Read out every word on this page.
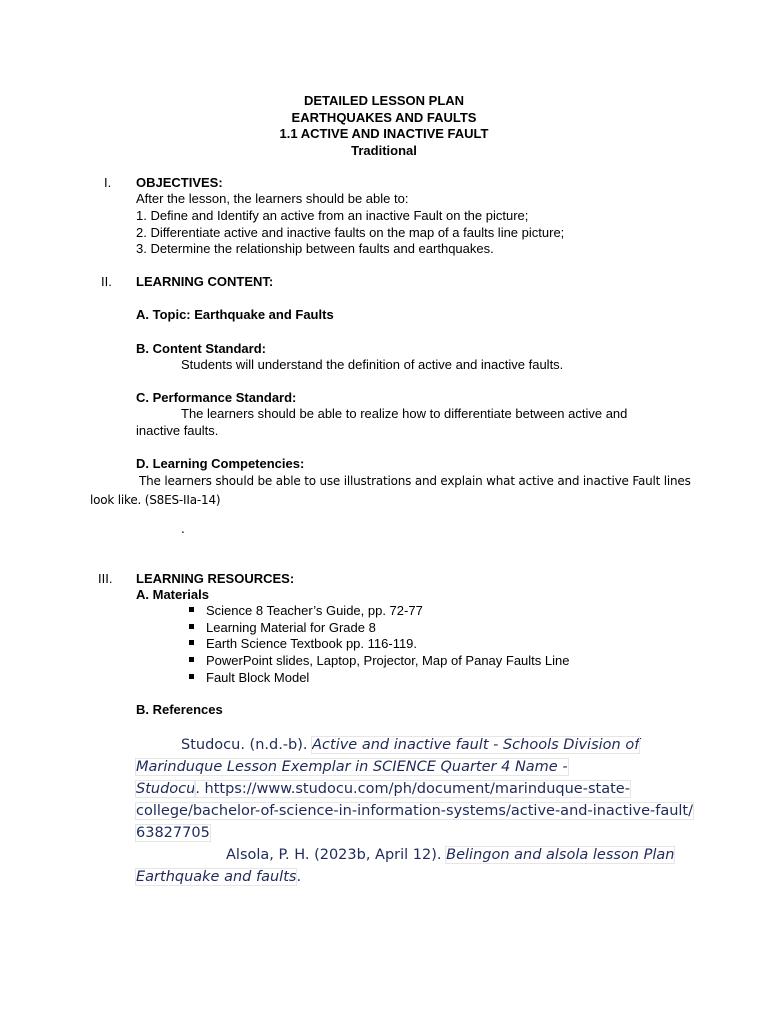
DETAILED LESSON PLAN
EARTHQUAKES AND FAULTS
1.1 ACTIVE AND INACTIVE FAULT
Traditional
I. OBJECTIVES:
After the lesson, the learners should be able to:
1. Define and Identify an active from an inactive Fault on the picture;
2. Differentiate active and inactive faults on the map of a faults line picture;
3. Determine the relationship between faults and earthquakes.
II. LEARNING CONTENT:
A. Topic: Earthquake and Faults
B. Content Standard:
Students will understand the definition of active and inactive faults.
C. Performance Standard:
The learners should be able to realize how to differentiate between active and
inactive faults.
D. Learning Competencies:
The learners should be able to use illustrations and explain what active and inactive Fault lines
look like. (S8ES-IIa-14)
.
III. LEARNING RESOURCES:
A. Materials
Science 8 Teacher’s Guide, pp. 72-77
Learning Material for Grade 8
Earth Science Textbook pp. 116-119.
PowerPoint slides, Laptop, Projector, Map of Panay Faults Line
Fault Block Model
B. References
Studocu. (n.d.-b). Active and inactive fault - Schools Division of
Marinduque Lesson Exemplar in SCIENCE Quarter 4 Name -
Studocu. https://www.studocu.com/ph/document/marinduque-state-
college/bachelor-of-science-in-information-systems/active-and-inactive-fault/
63827705
Alsola, P. H. (2023b, April 12). Belingon and alsola lesson Plan
Earthquake and faults.
